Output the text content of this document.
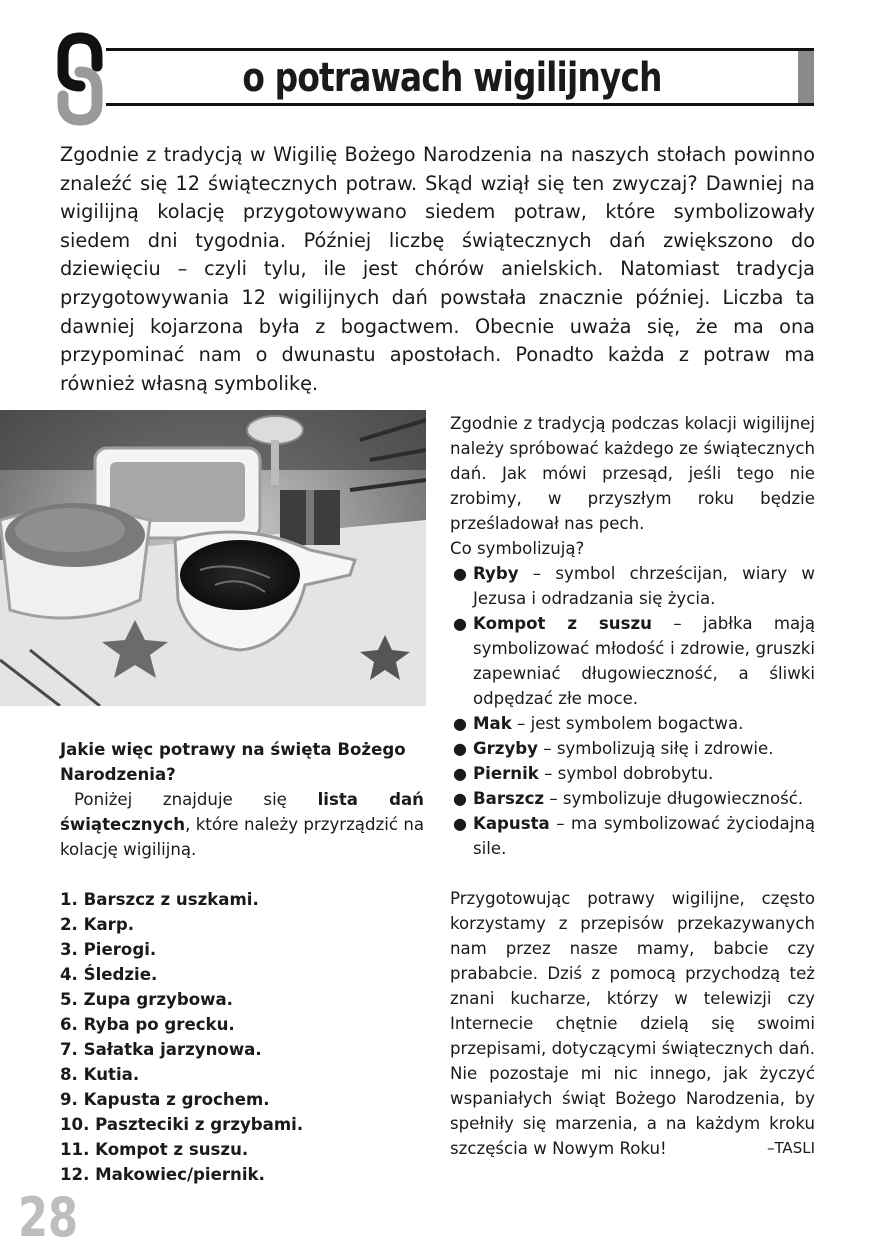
o potrawach wigilijnych

Zgodnie z tradycją w Wigilię Bożego Narodzenia na naszych stołach powinno znaleźć się 12 świątecznych potraw. Skąd wziął się ten zwyczaj? Dawniej na wigilijną kolację przygotowywano siedem potraw, które symbolizowały siedem dni tygodnia. Później liczbę świątecznych dań zwiększono do dziewięciu – czyli tylu, ile jest chórów anielskich. Natomiast tradycja przygotowywania 12 wigilijnych dań powstała znacznie później. Liczba ta dawniej kojarzona była z bogactwem. Obecnie uważa się, że ma ona przypominać nam o dwunastu apostołach. Ponadto każda z potraw ma również własną symbolikę.

Jakie więc potrawy na święta Bożego Narodzenia?

Poniżej znajduje się lista dań świątecznych, które należy przyrządzić na kolację wigilijną.

1. Barszcz z uszkami.
2. Karp.
3. Pierogi.
4. Śledzie.
5. Zupa grzybowa.
6. Ryba po grecku.
7. Sałatka jarzynowa.
8. Kutia.
9. Kapusta z grochem.
10. Paszteciki z grzybami.
11. Kompot z suszu.
12. Makowiec/piernik.

Zgodnie z tradycją podczas kolacji wigilijnej należy spróbować każdego ze świątecznych dań. Jak mówi przesąd, jeśli tego nie zrobimy, w przyszłym roku będzie prześladował nas pech.

Co symbolizują?

● Ryby – symbol chrześcijan, wiary w Jezusa i odradzania się życia.
● Kompot z suszu – jabłka mają symbolizować młodość i zdrowie, gruszki zapewniać długowieczność, a śliwki odpędzać złe moce.
● Mak – jest symbolem bogactwa.
● Grzyby – symbolizują siłę i zdrowie.
● Piernik – symbol dobrobytu.
● Barszcz – symbolizuje długowieczność.
● Kapusta – ma symbolizować życiodajną sile.

Przygotowując potrawy wigilijne, często korzystamy z przepisów przekazywanych nam przez nasze mamy, babcie czy prababcie. Dziś z pomocą przychodzą też znani kucharze, którzy w telewizji czy Internecie chętnie dzielą się swoimi przepisami, dotyczącymi świątecznych dań. Nie pozostaje mi nic innego, jak życzyć wspaniałych świąt Bożego Narodzenia, by spełniły się marzenia, a na każdym kroku szczęścia w Nowym Roku!	–TASLI

28
